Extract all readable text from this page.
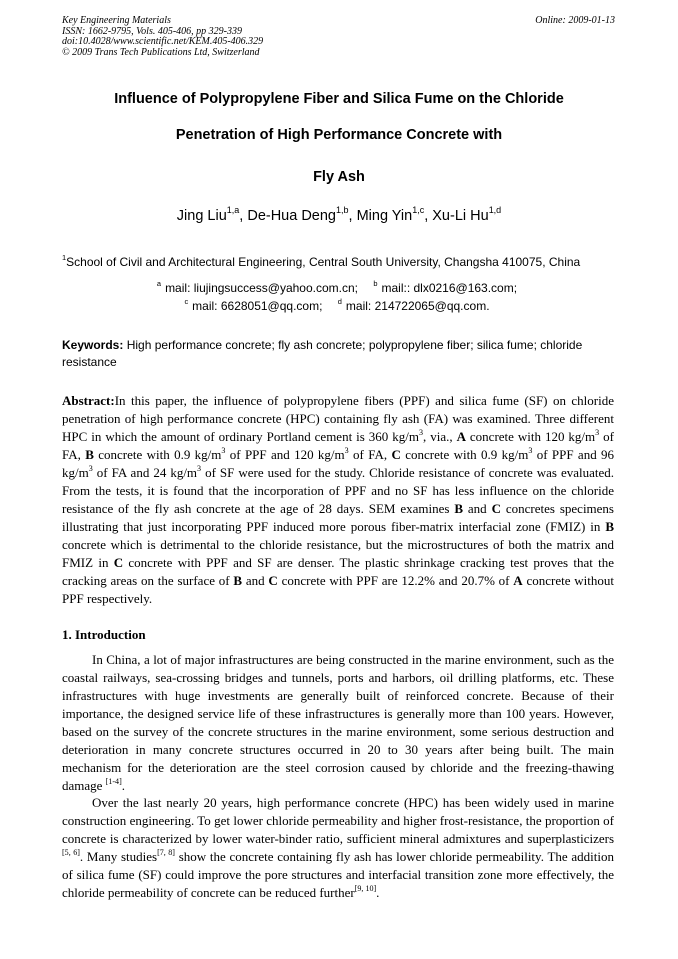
Key Engineering Materials
ISSN: 1662-9795, Vols. 405-406, pp 329-339
doi:10.4028/www.scientific.net/KEM.405-406.329
© 2009 Trans Tech Publications Ltd, Switzerland
Online: 2009-01-13
Influence of Polypropylene Fiber and Silica Fume on the Chloride
Penetration of High Performance Concrete with
Fly Ash
Jing Liu$^{1,a}$, De-Hua Deng$^{1,b}$, Ming Yin$^{1,c}$, Xu-Li Hu$^{1,d}$
$^1$School of Civil and Architectural Engineering, Central South University, Changsha 410075, China
$^a$ mail: liujingsuccess@yahoo.com.cn; $^b$ mail:: dlx0216@163.com;
$^c$ mail: 6628051@qq.com; $^d$ mail: 214722065@qq.com.
Keywords: High performance concrete; fly ash concrete; polypropylene fiber; silica fume; chloride resistance
Abstract:In this paper, the influence of polypropylene fibers (PPF) and silica fume (SF) on chloride penetration of high performance concrete (HPC) containing fly ash (FA) was examined. Three different HPC in which the amount of ordinary Portland cement is 360 $kg/m^3$, via., A concrete with 120 $kg/m^3$ of FA, B concrete with 0.9 $kg/m^3$ of PPF and 120 $kg/m^3$ of FA, C concrete with 0.9 $kg/m^3$ of PPF and 96 $kg/m^3$ of FA and 24 $kg/m^3$ of SF were used for the study. Chloride resistance of concrete was evaluated. From the tests, it is found that the incorporation of PPF and no SF has less influence on the chloride resistance of the fly ash concrete at the age of 28 days. SEM examines B and C concretes specimens illustrating that just incorporating PPF induced more porous fiber-matrix interfacial zone (FMIZ) in B concrete which is detrimental to the chloride resistance, but the microstructures of both the matrix and FMIZ in C concrete with PPF and SF are denser. The plastic shrinkage cracking test proves that the cracking areas on the surface of B and C concrete with PPF are 12.2% and 20.7% of A concrete without PPF respectively.
1. Introduction
In China, a lot of major infrastructures are being constructed in the marine environment, such as the coastal railways, sea-crossing bridges and tunnels, ports and harbors, oil drilling platforms, etc. These infrastructures with huge investments are generally built of reinforced concrete. Because of their importance, the designed service life of these infrastructures is generally more than 100 years. However, based on the survey of the concrete structures in the marine environment, some serious destruction and deterioration in many concrete structures occurred in 20 to 30 years after being built. The main mechanism for the deterioration are the steel corrosion caused by chloride and the freezing-thawing damage [1-4].
Over the last nearly 20 years, high performance concrete (HPC) has been widely used in marine construction engineering. To get lower chloride permeability and higher frost-resistance, the proportion of concrete is characterized by lower water-binder ratio, sufficient mineral admixtures and superplasticizers [5, 6]. Many studies[7, 8] show the concrete containing fly ash has lower chloride permeability. The addition of silica fume (SF) could improve the pore structures and interfacial transition zone more effectively, the chloride permeability of concrete can be reduced further[9, 10].
